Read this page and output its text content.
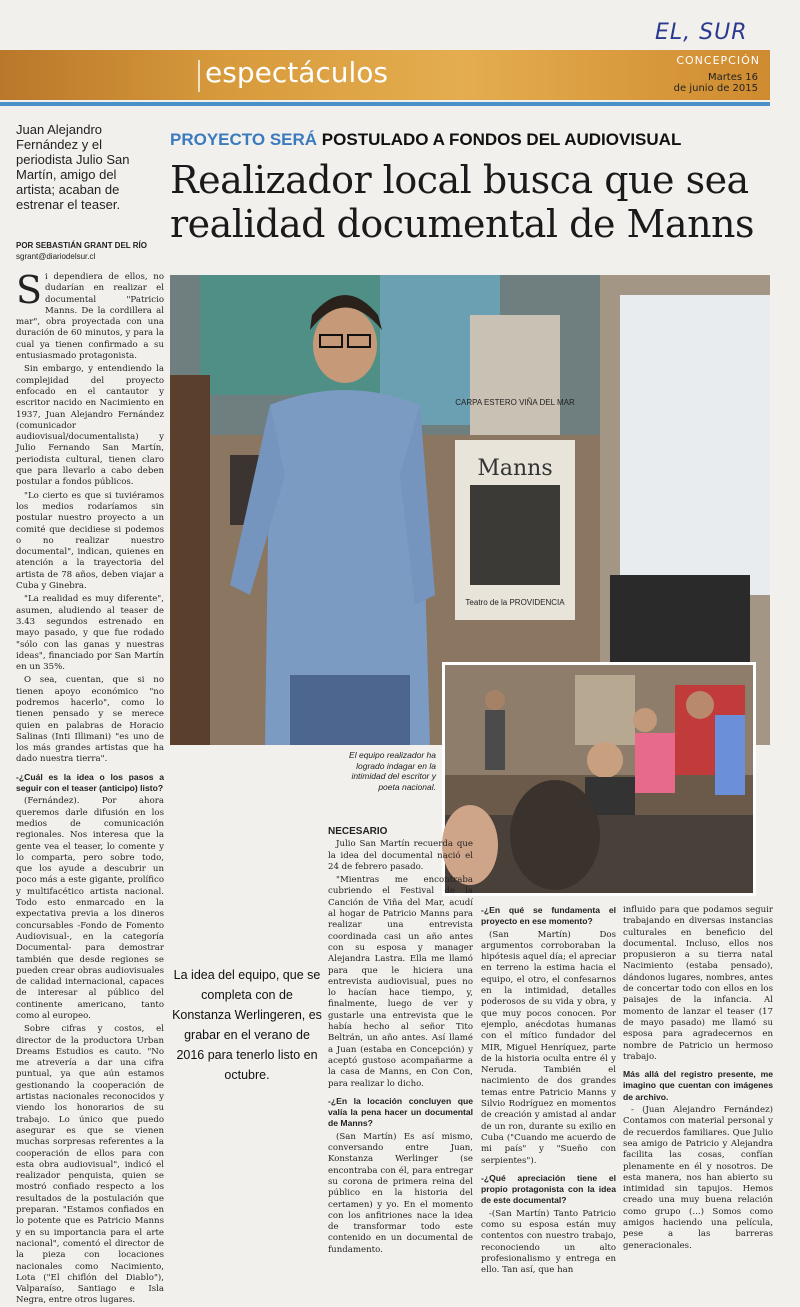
EL, SUR
espectáculos	CONCEPCIÓN
Martes 16
de junio de 2015
Juan Alejandro Fernández y el periodista Julio San Martín, amigo del artista; acaban de estrenar el teaser.
POR SEBASTIÁN GRANT DEL RÍO
sgrant@diariodelsur.cl
PROYECTO SERÁ POSTULADO A FONDOS DEL AUDIOVISUAL
Realizador local busca que sea realidad documental de Manns

Si dependiera de ellos, no dudarían en realizar el documental "Patricio Manns. De la cordillera al mar", obra proyectada con una duración de 60 minutos, y para la cual ya tienen confirmado a su entusiasmado protagonista.

Sin embargo, y entendiendo la complejidad del proyecto enfocado en el cantautor y escritor nacido en Nacimiento en 1937, Juan Alejandro Fernández (comunicador audiovisual/documentalista) y Julio Fernando San Martín, periodista cultural, tienen claro que para llevarlo a cabo deben postular a fondos públicos.

"Lo cierto es que si tuviéramos los medios rodaríamos sin postular nuestro proyecto a un comité que decidiese si podemos o no realizar nuestro documental", indican, quienes en atención a la trayectoria del artista de 78 años, deben viajar a Cuba y Ginebra.

"La realidad es muy diferente", asumen, aludiendo al teaser de 3.43 segundos estrenado en mayo pasado, y que fue rodado "sólo con las ganas y nuestras ideas", financiado por San Martín en un 35%.

O sea, cuentan, que si no tienen apoyo económico "no podremos hacerlo", como lo tienen pensado y se merece quien en palabras de Horacio Salinas (Inti Illimani) "es uno de los más grandes artistas que ha dado nuestra tierra".

-¿Cuál es la idea o los pasos a seguir con el teaser (anticipo) listo?

(Fernández). Por ahora queremos darle difusión en los medios de comunicación regionales. Nos interesa que la gente vea el teaser, lo comente y lo comparta, pero sobre todo, que los ayude a descubrir un poco más a este gigante, prolífico y multifacético artista nacional. Todo esto enmarcado en la expectativa previa a los dineros concursables -Fondo de Fomento Audiovisual-, en la categoría Documental- para demostrar también que desde regiones se pueden crear obras audiovisuales de calidad internacional, capaces de interesar al público del continente americano, tanto como al europeo.

Sobre cifras y costos, el director de la productora Urban Dreams Estudios es cauto. "No me atrevería a dar una cifra puntual, ya que aún estamos gestionando la cooperación de artistas nacionales reconocidos y viendo los honorarios de su trabajo. Lo único que puedo asegurar es que se vienen muchas sorpresas referentes a la cooperación de ellos para con esta obra audiovisual", indicó el realizador penquista, quien se mostró confiado respecto a los resultados de la postulación que preparan. "Estamos confiados en lo potente que es Patricio Manns y en su importancia para el arte nacional", comentó el director de la pieza con locaciones nacionales como Nacimiento, Lota ("El chiflón del Diablo"), Valparaíso, Santiago e Isla Negra, entre otros lugares.

CARPA ESTERO VIÑA DEL MAR
Manns
Teatro de la PROVIDENCIA
El equipo realizador ha logrado indagar en la intimidad del escritor y poeta nacional.
La idea del equipo, que se completa con de Konstanza Werlingeren, es grabar en el verano de 2016 para tenerlo listo en octubre.

NECESARIO

Julio San Martín recuerda que la idea del documental nació el 24 de febrero pasado.

"Mientras me encontraba cubriendo el Festival de la Canción de Viña del Mar, acudí al hogar de Patricio Manns para realizar una entrevista coordinada casi un año antes con su esposa y manager Alejandra Lastra. Ella me llamó para que le hiciera una entrevista audiovisual, pues no lo hacían hace tiempo, y, finalmente, luego de ver y gustarle una entrevista que le había hecho al señor Tito Beltrán, un año antes. Así llamé a Juan (estaba en Concepción) y aceptó gustoso acompañarme a la casa de Manns, en Con Con, para realizar lo dicho.

-¿En la locación concluyen que valía la pena hacer un documental de Manns?

(San Martín) Es así mismo, conversando entre Juan, Konstanza Werlinger (se encontraba con él, para entregar su corona de primera reina del público en la historia del certamen) y yo. En el momento con los anfitriones nace la idea de transformar todo este contenido en un documental de fundamento.

-¿En qué se fundamenta el proyecto en ese momento?

(San Martín) Dos argumentos corroboraban la hipótesis aquel día; el apreciar en terreno la estima hacia el equipo, el otro, el confesarnos en la intimidad, detalles poderosos de su vida y obra, y que muy pocos conocen. Por ejemplo, anécdotas humanas con el mítico fundador del MIR, Miguel Henríquez, parte de la historia oculta entre él y Neruda. También el nacimiento de dos grandes temas entre Patricio Manns y Silvio Rodríguez en momentos de creación y amistad al andar de un ron, durante su exilio en Cuba ("Cuando me acuerdo de mi país" y "Sueño con serpientes").

-¿Qué apreciación tiene el propio protagonista con la idea de este documental?

-(San Martín) Tanto Patricio como su esposa están muy contentos con nuestro trabajo, reconociendo un alto profesionalismo y entrega en ello. Tan así, que han

influido para que podamos seguir trabajando en diversas instancias culturales en beneficio del documental. Incluso, ellos nos propusieron a su tierra natal Nacimiento (estaba pensado), dándonos lugares, nombres, antes de concertar todo con ellos en los paisajes de la infancia. Al momento de lanzar el teaser (17 de mayo pasado) me llamó su esposa para agradecernos en nombre de Patricio un hermoso trabajo.

Más allá del registro presente, me imagino que cuentan con imágenes de archivo.

- (Juan Alejandro Fernández) Contamos con material personal y de recuerdos familiares. Que Julio sea amigo de Patricio y Alejandra facilita las cosas, confían plenamente en él y nosotros. De esta manera, nos han abierto su intimidad sin tapujos. Hemos creado una muy buena relación como grupo (...) Somos como amigos haciendo una película, pese a las barreras generacionales.
